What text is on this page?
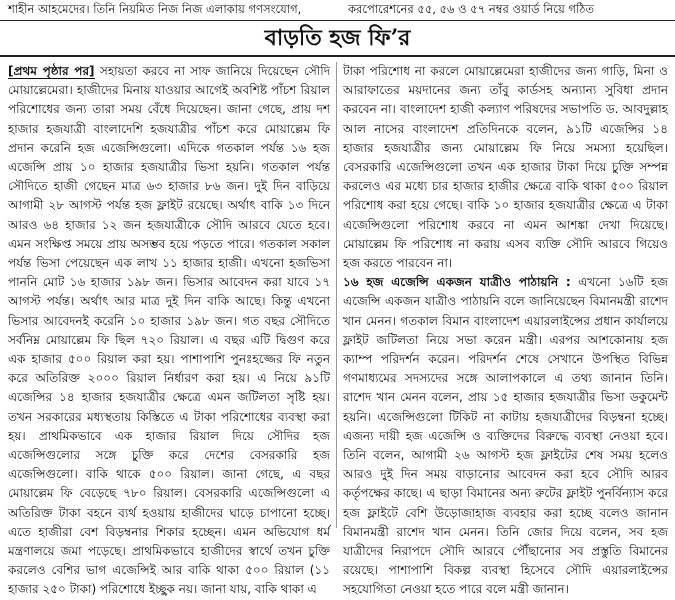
শাহীন আহমেদের। তিনি নিয়মিত নিজ নিজ এলাকায় গণসংযোগ,	করপোরেশনের ৫৫, ৫৬ ও ৫৭ নম্বর ওয়ার্ড নিয়ে গঠিত
বাড়তি হজ ফি’র

[প্রথম পৃষ্ঠার পর] সহায়তা করবে না সাফ জানিয়ে দিয়েছেন সৌদি মোয়াল্লেমেরা। হাজীদের মিনায় যাওয়ার আগেই অবশিষ্ট পাঁচশ রিয়াল পরিশোধের জন্য তারা সময় বেঁধে দিয়েছেন। জানা গেছে, প্রায় দশ হাজার হজযাত্রী বাংলাদেশি হজযাত্রীর পাঁচশ করে মোয়াল্লেম ফি প্রদান করেনি হজ এজেন্সিগুলো। এদিকে গতকাল পর্যন্ত ১৬ হজ এজেন্সি প্রায় ১০ হাজার হজযাত্রীর ভিসা হয়নি। গতকাল পর্যন্ত সৌদিতে হাজী গেছেন মাত্র ৬৩ হাজার ৮৬ জন। দুই দিন বাড়িয়ে আগামী ২৮ আগস্ট পর্যন্ত হজ ফ্লাইট রয়েছে। অর্থাৎ বাকি ১৩ দিনে আরও ৬৪ হাজার ১২ জন হজযাত্রীকে সৌদি আরবে যেতে হবে। এমন সংক্ষিপ্ত সময়ে প্রায় অসম্ভব হয়ে পড়তে পারে। গতকাল সকাল পর্যন্ত ভিসা পেয়েছেন এক লাখ ১১ হাজার হাজী। এখনো হজভিসা পাননি মোট ১৬ হাজার ১৯৮ জন। ভিসার আবেদন করা যাবে ১৭ আগস্ট পর্যন্ত। অর্থাৎ আর মাত্র দুই দিন বাকি আছে। কিন্তু এখনো ভিসার আবেদনই করেনি ১০ হাজার ১৯৮ জন। গত বছর সৌদিতে সর্বনিম্ন মোয়াল্লেম ফি ছিল ৭২০ রিয়াল। এ বছর এটি দ্বিগুণ করে এক হাজার ৫০০ রিয়াল করা হয়। পাশাপাশি পুনঃহজ্জের ফি নতুন করে অতিরিক্ত ২০০০ রিয়াল নির্ধারণ করা হয়। এ নিয়ে ৯১টি এজেন্সির ১৪ হাজার হজযাত্রীর ক্ষেত্রে এমন জটিলতা সৃষ্টি হয়। তখন সরকারের মধ্যস্থতায় কিস্তিতে এ টাকা পরিশোধের ব্যবস্থা করা হয়। প্রাথমিকভাবে এক হাজার রিয়াল দিয়ে সৌদির হজ এজেন্সিগুলোর সঙ্গে চুক্তি করে দেশের বেসরকারি হজ এজেন্সিগুলো। বাকি থাকে ৫০০ রিয়াল। জানা গেছে, এ বছর মোয়াল্লেম ফি বেড়েছে ৭৮০ রিয়াল। বেসরকারি এজেন্সিগুলো এ অতিরিক্ত টাকা বহনে ব্যর্থ হওয়ায় হাজীদের ঘাড়ে চাপানো হচ্ছে। এতে হাজীরা বেশ বিড়ম্বনার শিকার হচ্ছেন। এমন অভিযোগ ধর্ম মন্ত্রণালয়ে জমা পড়েছে। প্রাথমিকভাবে হাজীদের স্বার্থে তখন চুক্তি করলেও বেশির ভাগ এজেন্সিই আর বাকি থাকা ৫০০ রিয়াল (১১ হাজার ২৫০ টাকা) পরিশোধে ইচ্ছুক নয়। জানা যায়, বাকি থাকা এ

টাকা পরিশোধ না করলে মোয়াল্লেমেরা হাজীদের জন্য গাড়ি, মিনা ও আরাফাতের ময়দানের জন্য তাঁবু কার্ডসহ অন্যান্য সুবিধা প্রদান করবেন না। বাংলাদেশ হাজী কল্যাণ পরিষদের সভাপতি ড. আবদুল্লাহ আল নাসের বাংলাদেশ প্রতিদিনকে বলেন, ৯১টি এজেন্সির ১৪ হাজার হজযাত্রীর জন্য মোয়াল্লেম ফি নিয়ে সমস্যা হয়েছিল। বেসরকারি এজেন্সিগুলো তখন এক হাজার টাকা দিয়ে চুক্তি সম্পন্ন করলেও এর মধ্যে চার হাজার হাজীর ক্ষেত্রে বাকি থাকা ৫০০ রিয়াল পরিশোধ করা হয়ে গেছে। বাকি ১০ হাজার হজযাত্রীর ক্ষেত্রে এ টাকা এজেন্সিগুলো পরিশোধ করবে না এমন আশঙ্কা দেখা দিয়েছে। মোয়াল্লেম ফি পরিশোধ না করায় এসব ব্যক্তি সৌদি আরবে গিয়েও হজ করতে পারবেন না।

১৬ হজ এজেন্সি একজন যাত্রীও পাঠায়নি : এখনো ১৬টি হজ এজেন্সি একজন যাত্রীও পাঠায়নি বলে জানিয়েছেন বিমানমন্ত্রী রাশেদ খান মেনন। গতকাল বিমান বাংলাদেশ এয়ারলাইন্সের প্রধান কার্যালয়ে ফ্লাইট জটিলতা নিয়ে সভা করেন মন্ত্রী। এরপর আশকোনায় হজ ক্যাম্প পরিদর্শন করেন। পরিদর্শন শেষে সেখানে উপস্থিত বিভিন্ন গণমাধ্যমের সদস্যদের সঙ্গে আলাপকালে এ তথ্য জানান তিনি। রাশেদ খান মেনন বলেন, প্রায় ১৫ হাজার হজযাত্রীর ভিসা ডকুমেন্ট হয়নি। এজেন্সিগুলো টিকিট না কাটায় হজযাত্রীদের বিড়ম্বনা হচ্ছে। এজন্য দায়ী হজ এজেন্সি ও ব্যক্তিদের বিরুদ্ধে ব্যবস্থা নেওয়া হবে। তিনি বলেন, আগামী ২৬ আগস্ট হজ ফ্লাইটের শেষ সময় হলেও আরও দুই দিন সময় বাড়ানোর আবেদন করা হবে সৌদি আরব কর্তৃপক্ষের কাছে। এ ছাড়া বিমানের অন্য রুটের ফ্লাইট পুনর্বিন্যাস করে হজ ফ্লাইটে বেশি উড়োজাহাজ ব্যবহার করা হচ্ছে বলেও জানান বিমানমন্ত্রী রাশেদ খান মেনন। তিনি জোর দিয়ে বলেন, সব হজ যাত্রীদের নিরাপদে সৌদি আরবে পৌঁছানোর সব প্রস্তুতি বিমানের রয়েছে। পাশাপাশি বিকল্প ব্যবস্থা হিসেবে সৌদি এয়ারলাইন্সের সহযোগিতা নেওয়া হতে পারে বলে মন্ত্রী জানান।
